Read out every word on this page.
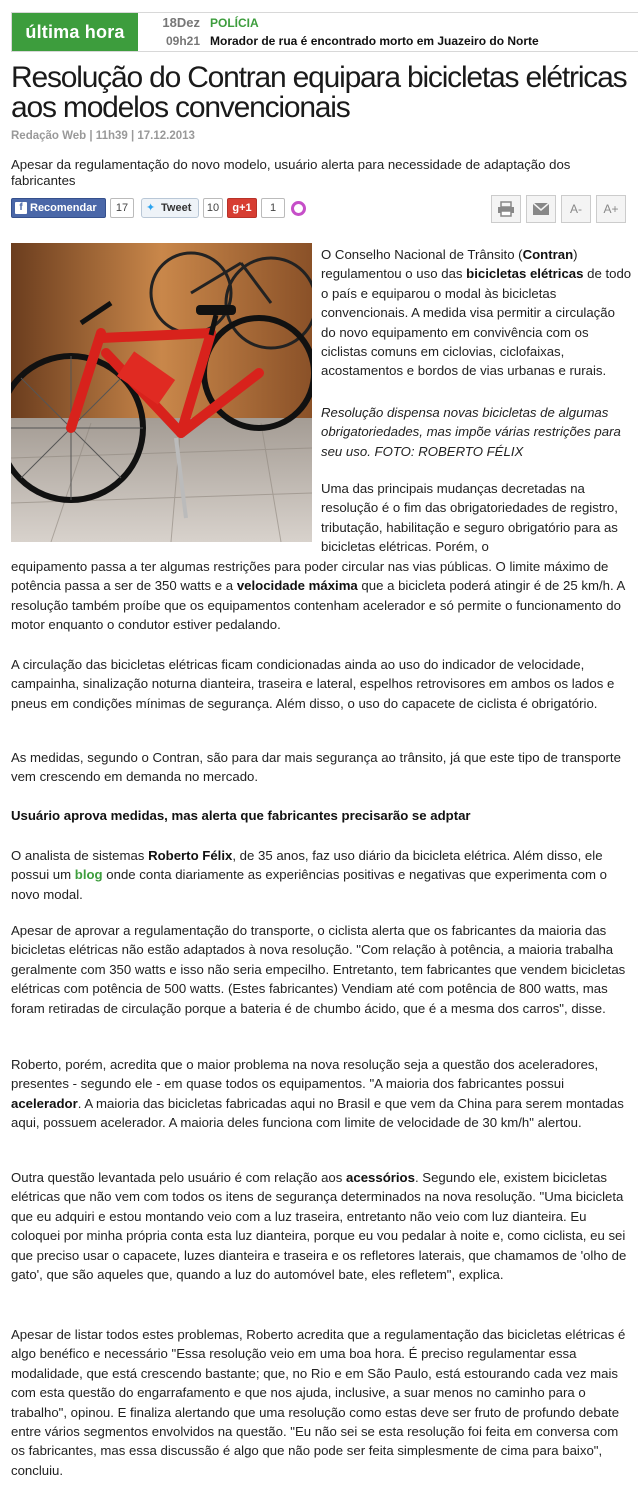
última hora	18Dez
09h21
POLÍCIA
Morador de rua é encontrado morto em Juazeiro do Norte
Resolução do Contran equipara bicicletas elétricas
aos modelos convencionais
Redação Web | 11h39 | 17.12.2013
Apesar da regulamentação do novo modelo, usuário alerta para necessidade de adaptação dos fabricantes
f Recomendar	17	✦ Tweet	10	g+1	1	A-	A+
O Conselho Nacional de Trânsito (Contran) regulamentou o uso das bicicletas elétricas de todo o país e equiparou o modal às bicicletas convencionais. A medida visa permitir a circulação do novo equipamento em convivência com os ciclistas comuns em ciclovias, ciclofaixas, acostamentos e bordos de vias urbanas e rurais.
Resolução dispensa novas bicicletas de algumas obrigatoriedades, mas impõe várias restrições para seu uso. FOTO: ROBERTO FÉLIX
Uma das principais mudanças decretadas na resolução é o fim das obrigatoriedades de registro, tributação, habilitação e seguro obrigatório para as bicicletas elétricas. Porém, o
equipamento passa a ter algumas restrições para poder circular nas vias públicas. O limite máximo de potência passa a ser de 350 watts e a velocidade máxima que a bicicleta poderá atingir é de 25 km/h. A resolução também proíbe que os equipamentos contenham acelerador e só permite o funcionamento do motor enquanto o condutor estiver pedalando.
A circulação das bicicletas elétricas ficam condicionadas ainda ao uso do indicador de velocidade, campainha, sinalização noturna dianteira, traseira e lateral, espelhos retrovisores em ambos os lados e pneus em condições mínimas de segurança. Além disso, o uso do capacete de ciclista é obrigatório.
As medidas, segundo o Contran, são para dar mais segurança ao trânsito, já que este tipo de transporte vem crescendo em demanda no mercado.
Usuário aprova medidas, mas alerta que fabricantes precisarão se adptar
O analista de sistemas Roberto Félix, de 35 anos, faz uso diário da bicicleta elétrica. Além disso, ele possui um blog onde conta diariamente as experiências positivas e negativas que experimenta com o novo modal.
Apesar de aprovar a regulamentação do transporte, o ciclista alerta que os fabricantes da maioria das bicicletas elétricas não estão adaptados à nova resolução. "Com relação à potência, a maioria trabalha geralmente com 350 watts e isso não seria empecilho. Entretanto, tem fabricantes que vendem bicicletas elétricas com potência de 500 watts. (Estes fabricantes) Vendiam até com potência de 800 watts, mas foram retiradas de circulação porque a bateria é de chumbo ácido, que é a mesma dos carros", disse.
Roberto, porém, acredita que o maior problema na nova resolução seja a questão dos aceleradores, presentes - segundo ele - em quase todos os equipamentos. "A maioria dos fabricantes possui acelerador. A maioria das bicicletas fabricadas aqui no Brasil e que vem da China para serem montadas aqui, possuem acelerador. A maioria deles funciona com limite de velocidade de 30 km/h" alertou.
Outra questão levantada pelo usuário é com relação aos acessórios. Segundo ele, existem bicicletas elétricas que não vem com todos os itens de segurança determinados na nova resolução. "Uma bicicleta que eu adquiri e estou montando veio com a luz traseira, entretanto não veio com luz dianteira. Eu coloquei por minha própria conta esta luz dianteira, porque eu vou pedalar à noite e, como ciclista, eu sei que preciso usar o capacete, luzes dianteira e traseira e os refletores laterais, que chamamos de 'olho de gato', que são aqueles que, quando a luz do automóvel bate, eles refletem", explica.
Apesar de listar todos estes problemas, Roberto acredita que a regulamentação das bicicletas elétricas é algo benéfico e necessário "Essa resolução veio em uma boa hora. É preciso regulamentar essa modalidade, que está crescendo bastante; que, no Rio e em São Paulo, está estourando cada vez mais com esta questão do engarrafamento e que nos ajuda, inclusive, a suar menos no caminho para o trabalho", opinou. E finaliza alertando que uma resolução como estas deve ser fruto de profundo debate entre vários segmentos envolvidos na questão. "Eu não sei se esta resolução foi feita em conversa com os fabricantes, mas essa discussão é algo que não pode ser feita simplesmente de cima para baixo", concluiu.
